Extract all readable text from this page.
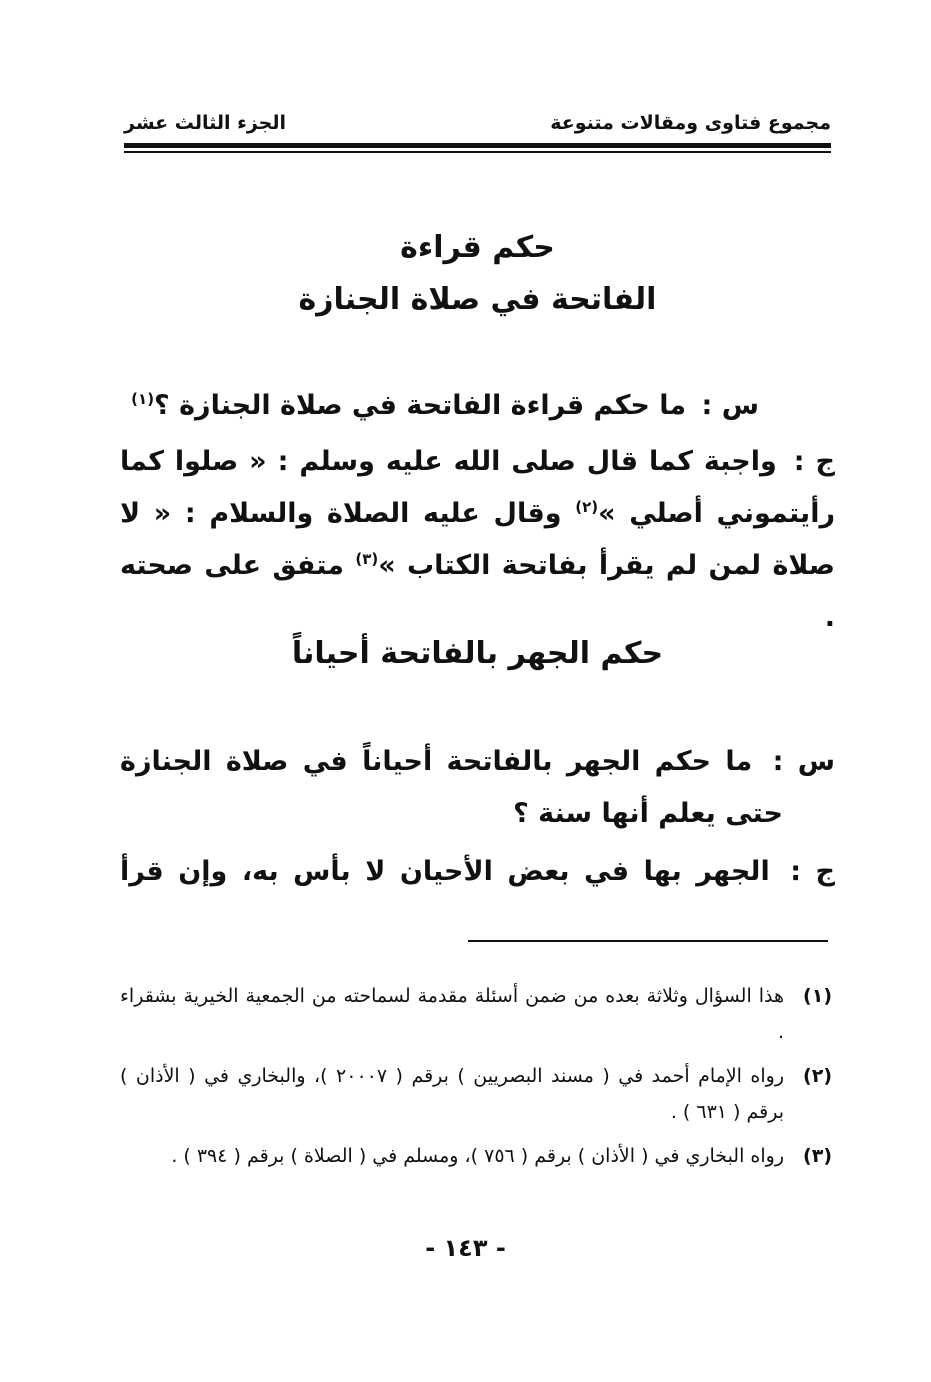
مجموع فتاوى ومقالات متنوعة
الجزء الثالث عشر
حكم قراءة
الفاتحة في صلاة الجنازة
س : ما حكم قراءة الفاتحة في صلاة الجنازة ؟$^{(١)}$
ج : واجبة كما قال صلى الله عليه وسلم : « صلوا كما رأيتموني أصلي »$^{(٢)}$ وقال عليه الصلاة والسلام : « لا صلاة لمن لم يقرأ بفاتحة الكتاب »$^{(٣)}$ متفق على صحته .
حكم الجهر بالفاتحة أحياناً
س : ما حكم الجهر بالفاتحة أحياناً في صلاة الجنازة
حتى يعلم أنها سنة ؟
ج : الجهر بها في بعض الأحيان لا بأس به، وإن قرأ
(١)
هذا السؤال وثلاثة بعده من ضمن أسئلة مقدمة لسماحته من الجمعية الخيرية بشقراء .
(٢)
رواه الإمام أحمد في ( مسند البصريين ) برقم ( ٢٠٠٠٧ )، والبخاري في ( الأذان ) برقم ( ٦٣١ ) .
(٣)
رواه البخاري في ( الأذان ) برقم ( ٧٥٦ )، ومسلم في ( الصلاة ) برقم ( ٣٩٤ ) .
- ١٤٣ -
